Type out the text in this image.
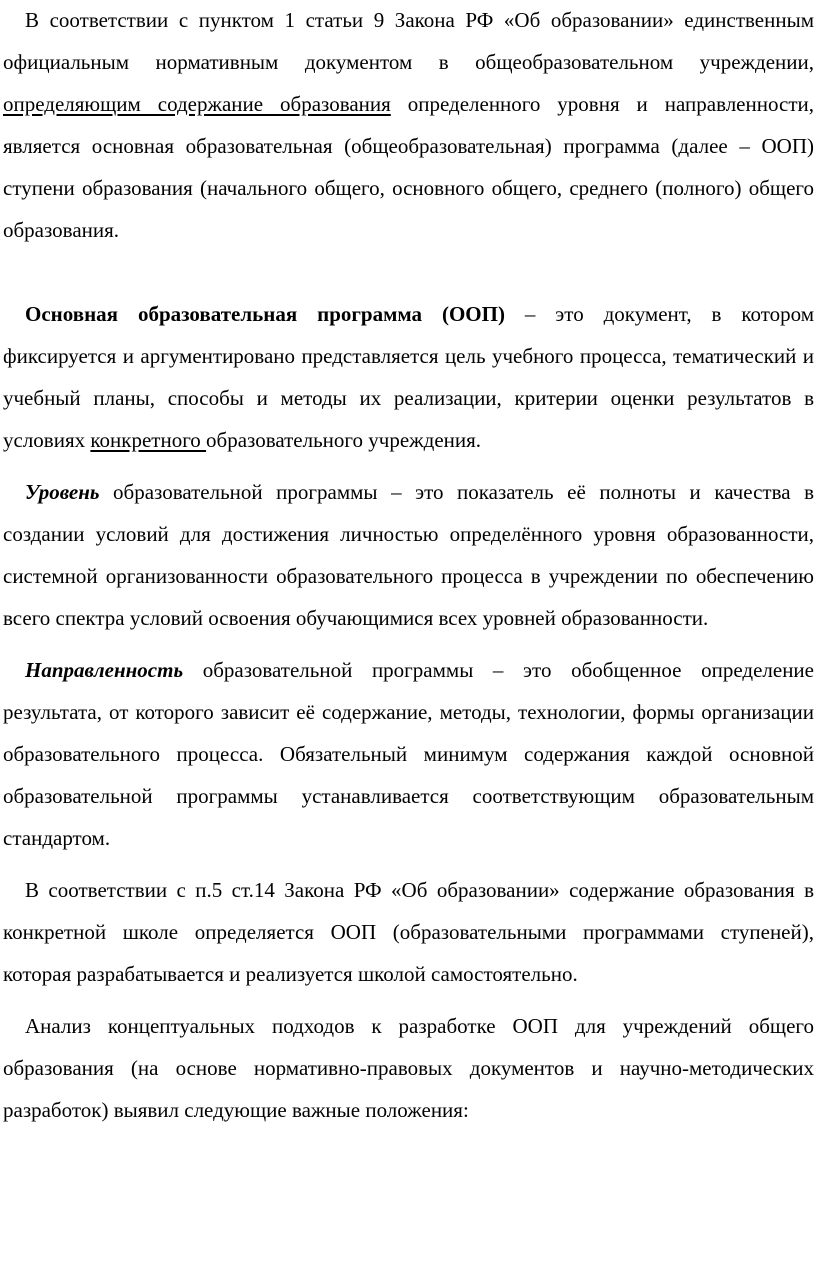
В соответствии с пунктом 1 статьи 9 Закона РФ «Об образовании» единственным официальным нормативным документом в общеобразовательном учреждении, определяющим содержание образования определенного уровня и направленности, является основная образовательная (общеобразовательная) программа (далее – ООП) ступени образования (начального общего, основного общего, среднего (полного) общего образования.

Основная образовательная программа (ООП) – это документ, в котором фиксируется и аргументировано представляется цель учебного процесса, тематический и учебный планы, способы и методы их реализации, критерии оценки результатов в условиях конкретного образовательного учреждения.

Уровень образовательной программы – это показатель её полноты и качества в создании условий для достижения личностью определённого уровня образованности, системной организованности образовательного процесса в учреждении по обеспечению всего спектра условий освоения обучающимися всех уровней образованности.

Направленность образовательной программы – это обобщенное определение результата, от которого зависит её содержание, методы, технологии, формы организации образовательного процесса. Обязательный минимум содержания каждой основной образовательной программы устанавливается соответствующим образовательным стандартом.

В соответствии с п.5 ст.14 Закона РФ «Об образовании» содержание образования в конкретной школе определяется ООП (образовательными программами ступеней), которая разрабатывается и реализуется школой самостоятельно.

Анализ концептуальных подходов к разработке ООП для учреждений общего образования (на основе нормативно-правовых документов и научно-методических разработок) выявил следующие важные положения:
